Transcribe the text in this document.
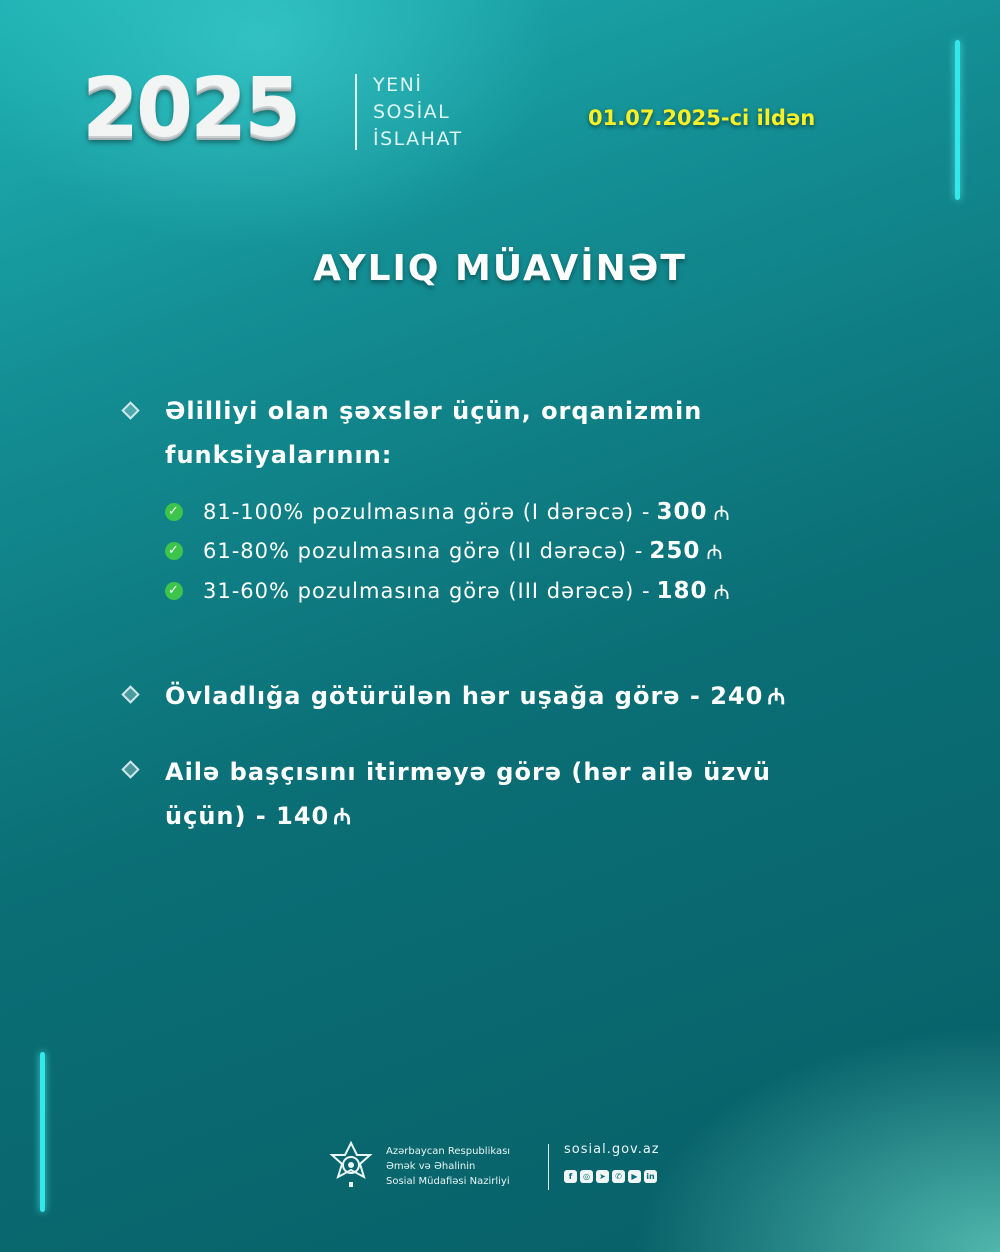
2025	YENİ
SOSİAL
İSLAHAT
01.07.2025-ci ildən
AYLIQ MÜAVİNƏT
Əlilliyi olan şəxslər üçün, orqanizmin
funksiyalarının:
✓ 81-100% pozulmasına görə (I dərəcə) - 300 ₼
✓ 61-80% pozulmasına görə (II dərəcə) - 250 ₼
✓ 31-60% pozulmasına görə (III dərəcə) - 180 ₼
Övladlığa götürülən hər uşağa görə - 240 ₼
Ailə başçısını itirməyə görə (hər ailə üzvü
üçün) - 140 ₼
Azərbaycan Respublikası
Əmək və Əhalinin
Sosial Müdafiəsi Nazirliyi
sosial.gov.az
f	◎	➤	✆	▶	in
